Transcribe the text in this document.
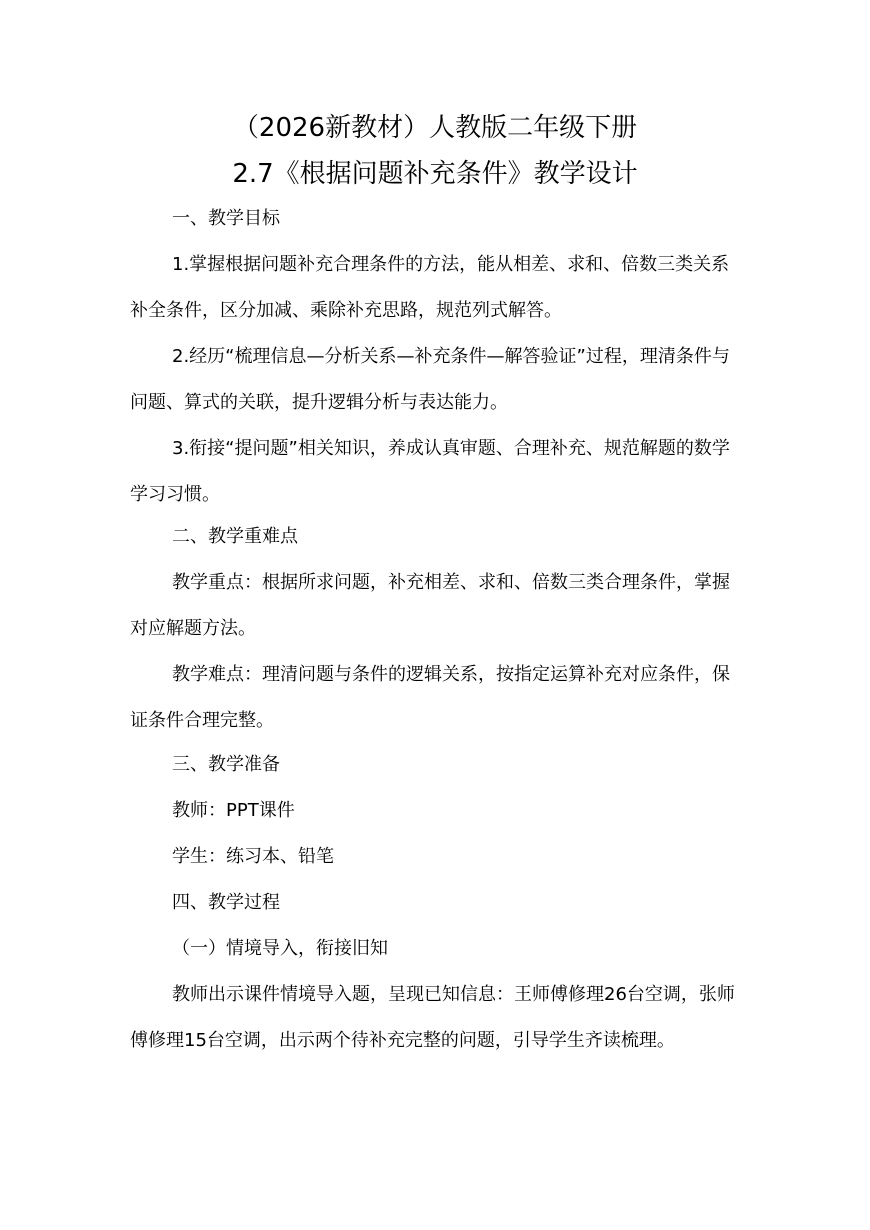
（2026新教材）人教版二年级下册
2.7《根据问题补充条件》教学设计

一、教学目标

1.掌握根据问题补充合理条件的方法，能从相差、求和、倍数三类关系补全条件，区分加减、乘除补充思路，规范列式解答。

2.经历“梳理信息—分析关系—补充条件—解答验证”过程，理清条件与问题、算式的关联，提升逻辑分析与表达能力。

3.衔接“提问题”相关知识，养成认真审题、合理补充、规范解题的数学学习习惯。

二、教学重难点

教学重点：根据所求问题，补充相差、求和、倍数三类合理条件，掌握对应解题方法。

教学难点：理清问题与条件的逻辑关系，按指定运算补充对应条件，保证条件合理完整。

三、教学准备

教师：PPT课件

学生：练习本、铅笔

四、教学过程

（一）情境导入，衔接旧知

教师出示课件情境导入题，呈现已知信息：王师傅修理26台空调，张师傅修理15台空调，出示两个待补充完整的问题，引导学生齐读梳理。
